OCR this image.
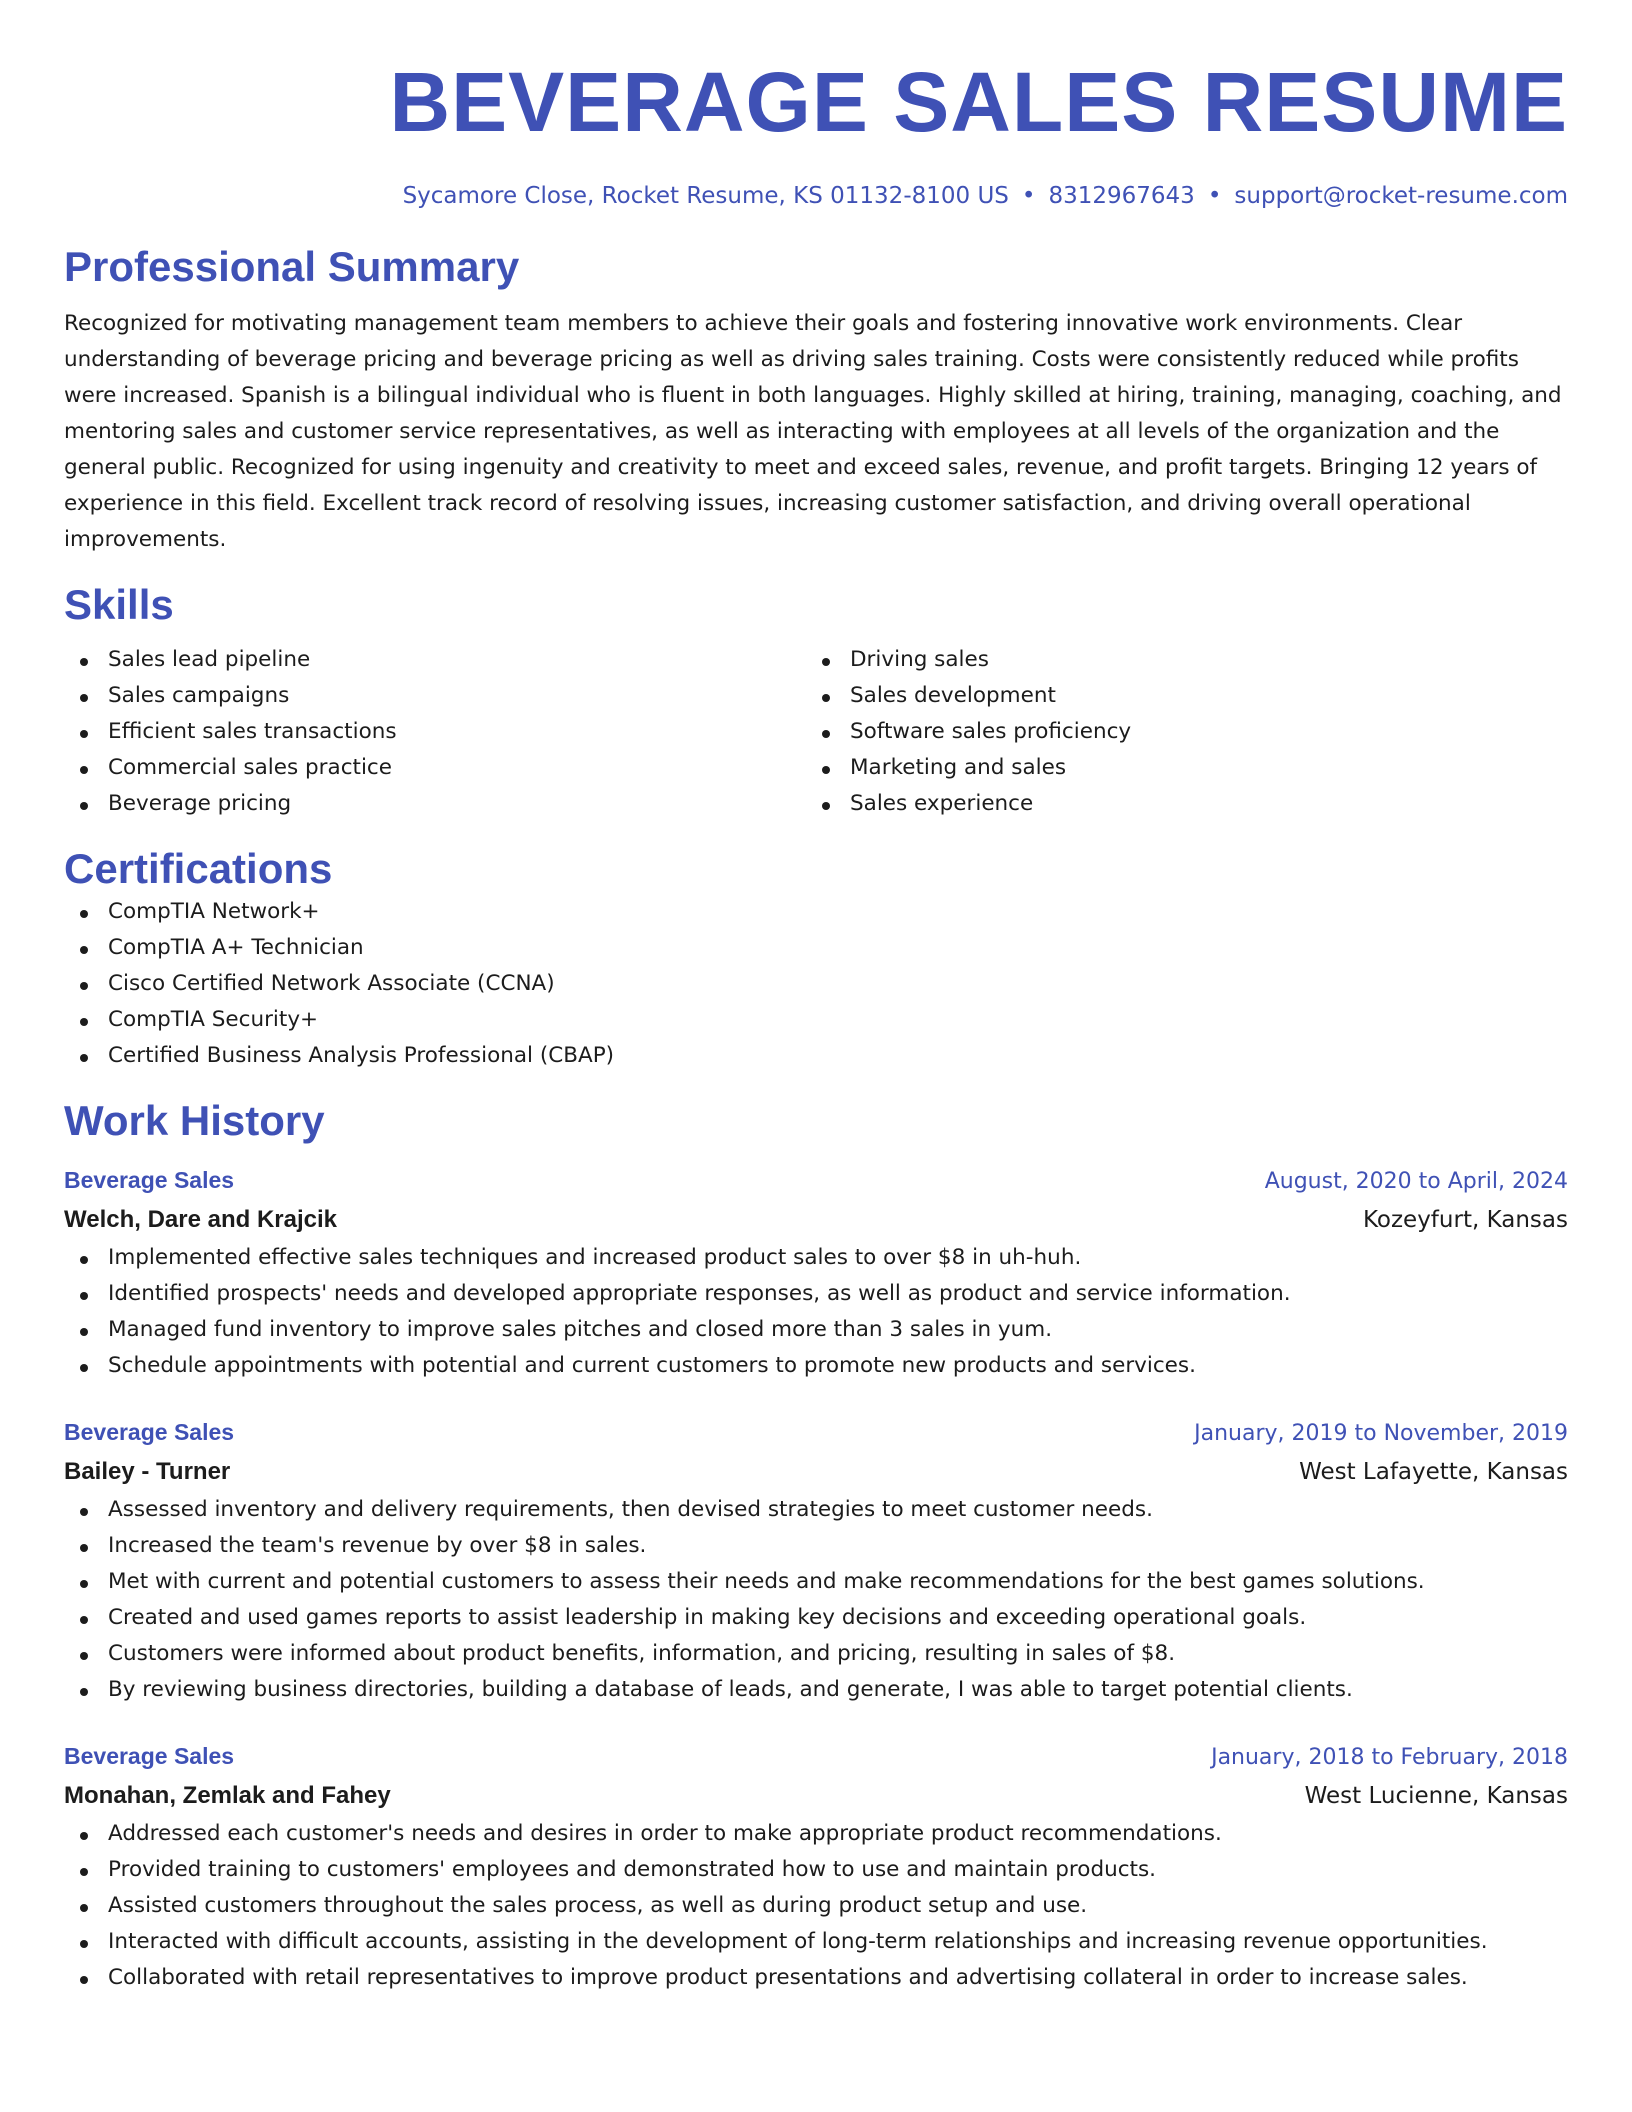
BEVERAGE SALES RESUME
Sycamore Close, Rocket Resume, KS 01132-8100 US • 8312967643 • support@rocket-resume.com
Professional Summary

Recognized for motivating management team members to achieve their goals and fostering innovative work environments. Clear understanding of beverage pricing and beverage pricing as well as driving sales training. Costs were consistently reduced while profits were increased. Spanish is a bilingual individual who is fluent in both languages. Highly skilled at hiring, training, managing, coaching, and mentoring sales and customer service representatives, as well as interacting with employees at all levels of the organization and the general public. Recognized for using ingenuity and creativity to meet and exceed sales, revenue, and profit targets. Bringing 12 years of experience in this field. Excellent track record of resolving issues, increasing customer satisfaction, and driving overall operational improvements.

Skills
Sales lead pipeline
Sales campaigns
Efficient sales transactions
Commercial sales practice
Beverage pricing
Driving sales
Sales development
Software sales proficiency
Marketing and sales
Sales experience
Certifications
CompTIA Network+
CompTIA A+ Technician
Cisco Certified Network Associate (CCNA)
CompTIA Security+
Certified Business Analysis Professional (CBAP)
Work History
Beverage Sales	August, 2020 to April, 2024
Welch, Dare and Krajcik	Kozeyfurt, Kansas
Implemented effective sales techniques and increased product sales to over $8 in uh-huh.
Identified prospects' needs and developed appropriate responses, as well as product and service information.
Managed fund inventory to improve sales pitches and closed more than 3 sales in yum.
Schedule appointments with potential and current customers to promote new products and services.
Beverage Sales	January, 2019 to November, 2019
Bailey - Turner	West Lafayette, Kansas
Assessed inventory and delivery requirements, then devised strategies to meet customer needs.
Increased the team's revenue by over $8 in sales.
Met with current and potential customers to assess their needs and make recommendations for the best games solutions.
Created and used games reports to assist leadership in making key decisions and exceeding operational goals.
Customers were informed about product benefits, information, and pricing, resulting in sales of $8.
By reviewing business directories, building a database of leads, and generate, I was able to target potential clients.
Beverage Sales	January, 2018 to February, 2018
Monahan, Zemlak and Fahey	West Lucienne, Kansas
Addressed each customer's needs and desires in order to make appropriate product recommendations.
Provided training to customers' employees and demonstrated how to use and maintain products.
Assisted customers throughout the sales process, as well as during product setup and use.
Interacted with difficult accounts, assisting in the development of long-term relationships and increasing revenue opportunities.
Collaborated with retail representatives to improve product presentations and advertising collateral in order to increase sales.
